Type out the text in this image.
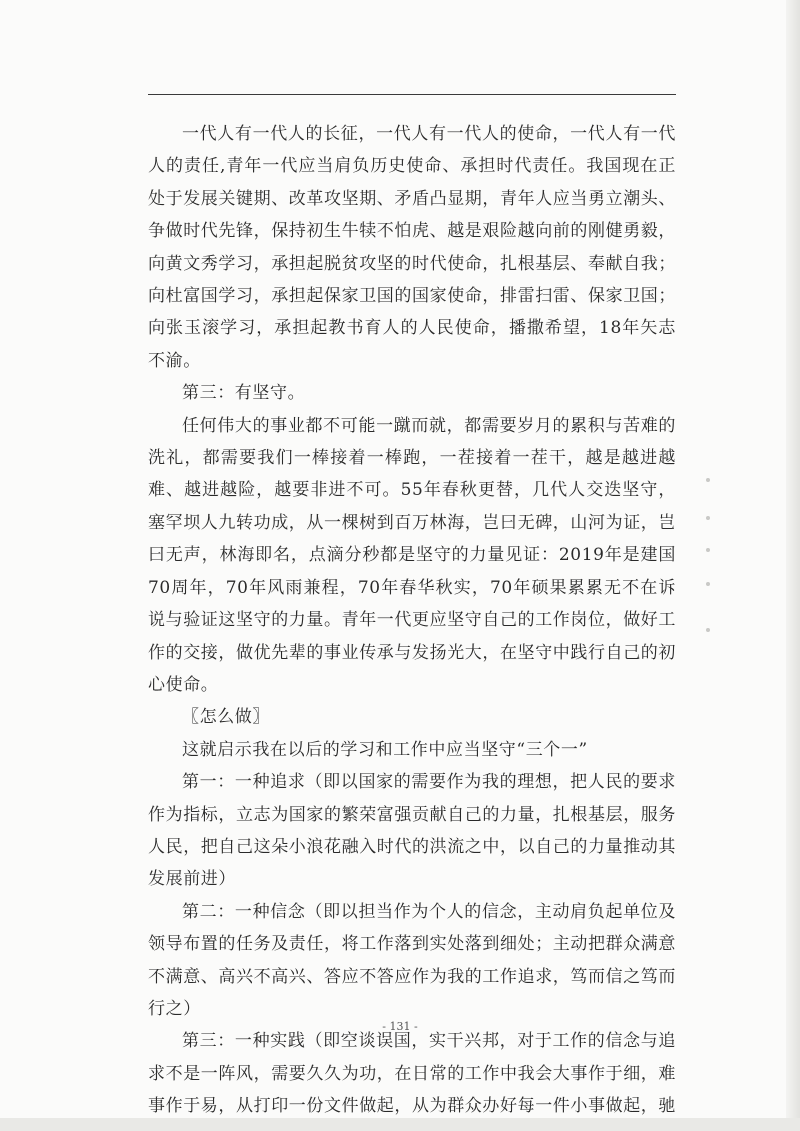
一代人有一代人的长征，一代人有一代人的使命，一代人有一代人的责任,青年一代应当肩负历史使命、承担时代责任。我国现在正处于发展关键期、改革攻坚期、矛盾凸显期，青年人应当勇立潮头、争做时代先锋，保持初生牛犊不怕虎、越是艰险越向前的刚健勇毅，向黄文秀学习，承担起脱贫攻坚的时代使命，扎根基层、奉献自我；向杜富国学习，承担起保家卫国的国家使命，排雷扫雷、保家卫国；向张玉滚学习，承担起教书育人的人民使命，播撒希望，18年矢志不渝。

第三：有坚守。

任何伟大的事业都不可能一蹴而就，都需要岁月的累积与苦难的洗礼，都需要我们一棒接着一棒跑，一茬接着一茬干，越是越进越难、越进越险，越要非进不可。55年春秋更替，几代人交迭坚守，塞罕坝人九转功成，从一棵树到百万林海，岂曰无碑，山河为证，岂曰无声，林海即名，点滴分秒都是坚守的力量见证：2019年是建国70周年，70年风雨兼程，70年春华秋实，70年硕果累累无不在诉说与验证这坚守的力量。青年一代更应坚守自己的工作岗位，做好工作的交接，做优先辈的事业传承与发扬光大，在坚守中践行自己的初心使命。

〖怎么做〗

这就启示我在以后的学习和工作中应当坚守“三个一”

第一：一种追求（即以国家的需要作为我的理想，把人民的要求作为指标，立志为国家的繁荣富强贡献自己的力量，扎根基层，服务人民，把自己这朵小浪花融入时代的洪流之中，以自己的力量推动其发展前进）

第二：一种信念（即以担当作为个人的信念，主动肩负起单位及领导布置的任务及责任，将工作落到实处落到细处；主动把群众满意不满意、高兴不高兴、答应不答应作为我的工作追求，笃而信之笃而行之）

第三：一种实践（即空谈误国，实干兴邦，对于工作的信念与追求不是一阵风，需要久久为功，在日常的工作中我会大事作于细，难事作于易，从打印一份文件做起，从为群众办好每一件小事做起，驰

- 131 -
